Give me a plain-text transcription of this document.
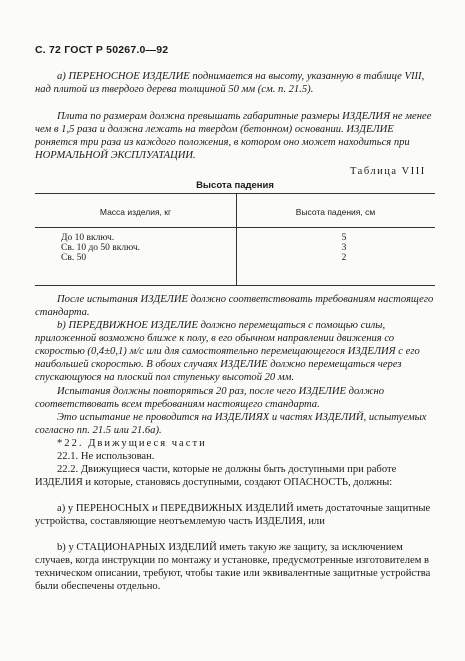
С. 72 ГОСТ Р 50267.0—92
а) ПЕРЕНОСНОЕ ИЗДЕЛИЕ поднимается на высоту, указанную в таблице VIII, над плитой из твердого дерева толщиной 50 мм (см. п. 21.5).
Плита по размерам должна превышать габаритные размеры ИЗДЕЛИЯ не менее чем в 1,5 раза и должна лежать на твердом (бетонном) основании. ИЗДЕЛИЕ роняется три раза из каждого положения, в котором оно может находиться при НОРМАЛЬНОЙ ЭКСПЛУАТАЦИИ.
Таблица VIII
Высота падения
Масса изделия, кг	Высота падения, см
До 10 включ.	5
Св. 10 до 50 включ.	3
Св. 50	2
После испытания ИЗДЕЛИЕ должно соответствовать требованиям настоящего стандарта.
b) ПЕРЕДВИЖНОЕ ИЗДЕЛИЕ должно перемещаться с помощью силы, приложенной возможно ближе к полу, в его обычном направлении движения со скоростью (0,4±0,1) м/с или для самостоятельно перемещающегося ИЗДЕЛИЯ с его наибольшей скоростью. В обоих случаях ИЗДЕЛИЕ должно перемещаться через спускающуюся на плоский пол ступеньку высотой 20 мм.
Испытания должны повторяться 20 раз, после чего ИЗДЕЛИЕ должно соответствовать всем требованиям настоящего стандарта.
Это испытание не проводится на ИЗДЕЛИЯХ и частях ИЗДЕЛИЙ, испытуемых согласно пп. 21.5 или 21.6а).
*22. Движущиеся части
22.1. Не использован.
22.2. Движущиеся части, которые не должны быть доступными при работе ИЗДЕЛИЯ и которые, становясь доступными, создают ОПАСНОСТЬ, должны:
а) у ПЕРЕНОСНЫХ и ПЕРЕДВИЖНЫХ ИЗДЕЛИЙ иметь достаточные защитные устройства, составляющие неотъемлемую часть ИЗДЕЛИЯ, или
b) у СТАЦИОНАРНЫХ ИЗДЕЛИЙ иметь такую же защиту, за исключением случаев, когда инструкции по монтажу и установке, предусмотренные изготовителем в техническом описании, требуют, чтобы такие или эквивалентные защитные устройства были обеспечены отдельно.
